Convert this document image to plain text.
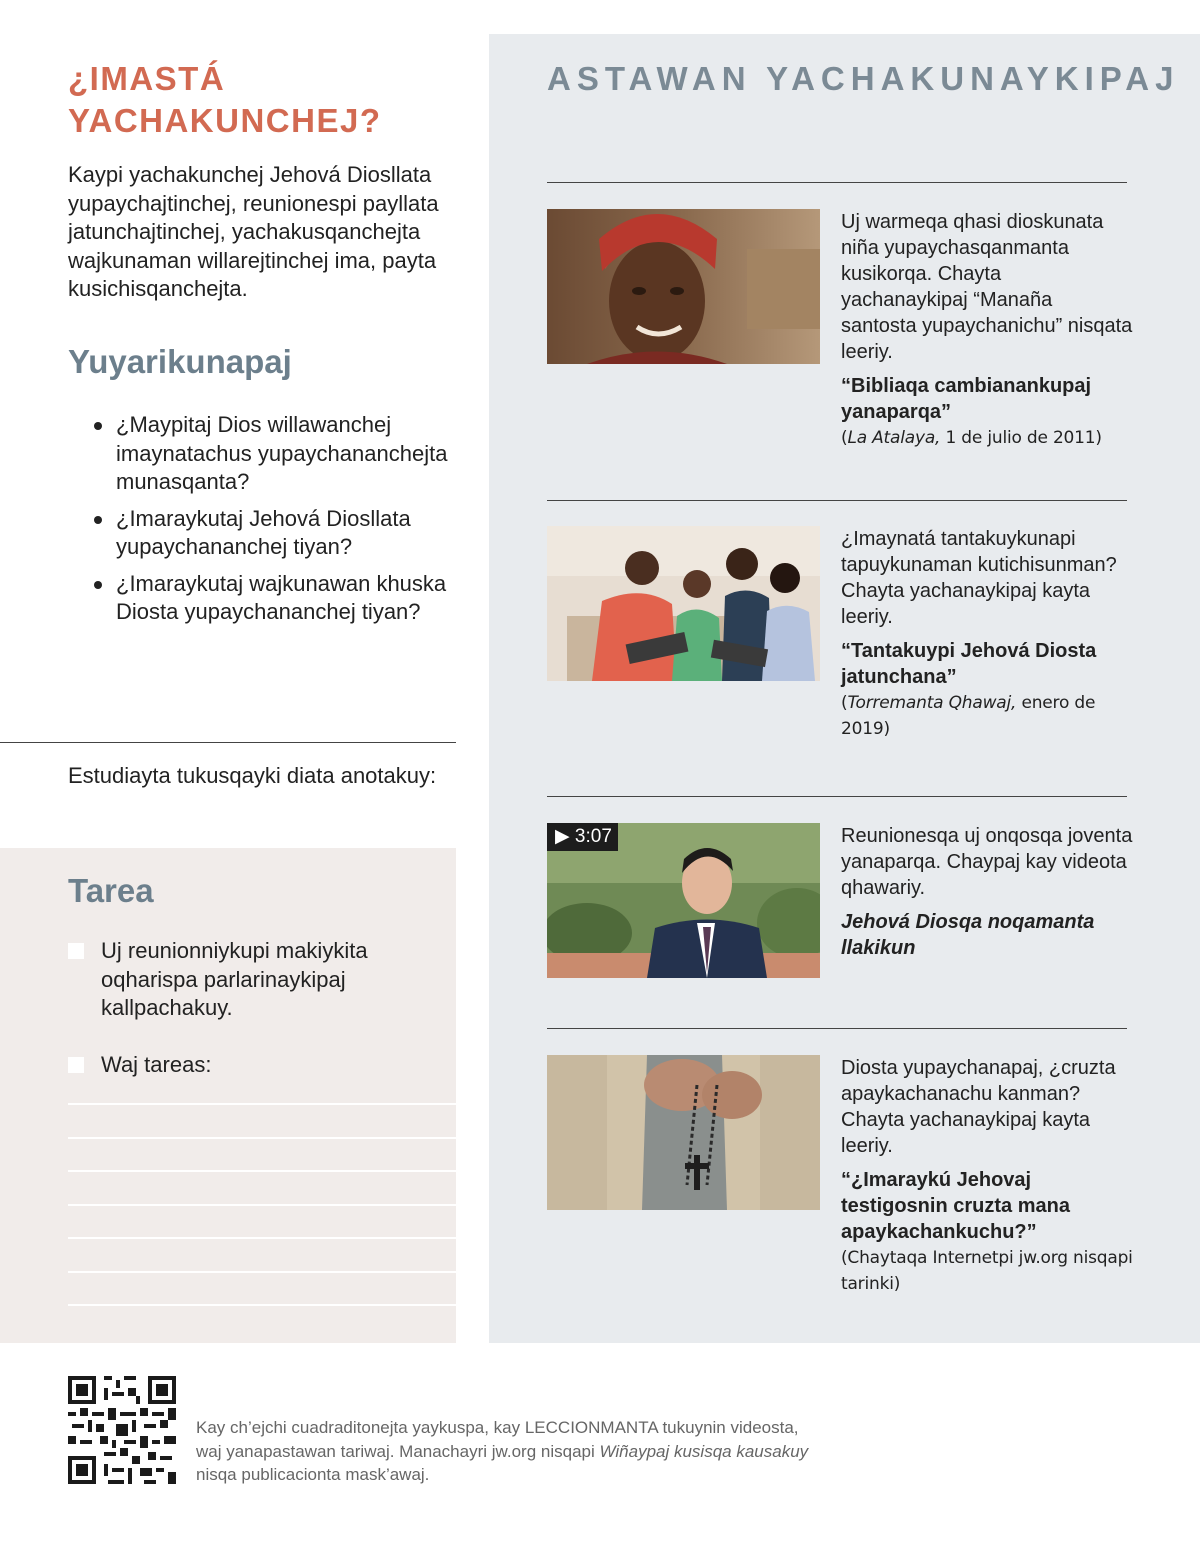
¿IMASTÁ YACHAKUNCHEJ?

Kaypi yachakunchej Jehová Diosllata yupaychajtinchej, reunionespi payllata jatunchajtinchej, yachakusqanchejta wajkunaman willarejtinchej ima, payta kusichisqanchejta.

Yuyarikunapaj
¿Maypitaj Dios willawanchej imaynatachus yupaychananchejta munasqanta?
¿Imaraykutaj Jehová Diosllata yupaychananchej tiyan?
¿Imaraykutaj wajkunawan khuska Diosta yupaychananchej tiyan?

Estudiayta tukusqayki diata anotakuy:

Tarea
Uj reunionniykupi makiykita oqharispa parlarinaykipaj kallpachakuy.
Waj tareas:
ASTAWAN YACHAKUNAYKIPAJ

Uj warmeqa qhasi dioskunata niña yupaychasqanmanta kusikorqa. Chayta yachanaykipaj “Manaña santosta yupaychanichu” nisqata leeriy.

“Bibliaqa cambianankupaj yanaparqa”

(La Atalaya, 1 de julio de 2011)

¿Imaynatá tantakuykunapi tapuykunaman kutichisunman? Chayta yachanaykipaj kayta leeriy.

“Tantakuypi Jehová Diosta jatunchana”

(Torremanta Qhawaj, enero de 2019)

▶ 3:07	Reunionesqa uj onqosqa joventa yanaparqa. Chaypaj kay videota qhawariy.

Jehová Diosqa noqamanta llakikun

Diosta yupaychanapaj, ¿cruzta apaykachanachu kanman? Chayta yachanaykipaj kayta leeriy.

“¿Imaraykú Jehovaj testigosnin cruzta mana apaykachankuchu?”

(Chaytaqa Internetpi jw.org nisqapi tarinki)

Kay ch’ejchi cuadraditonejta yaykuspa, kay LECCIONMANTA tukuynin videosta, waj yanapastawan tariwaj. Manachayri jw.org nisqapi Wiñaypaj kusisqa kausakuy nisqa publicacionta mask’awaj.
